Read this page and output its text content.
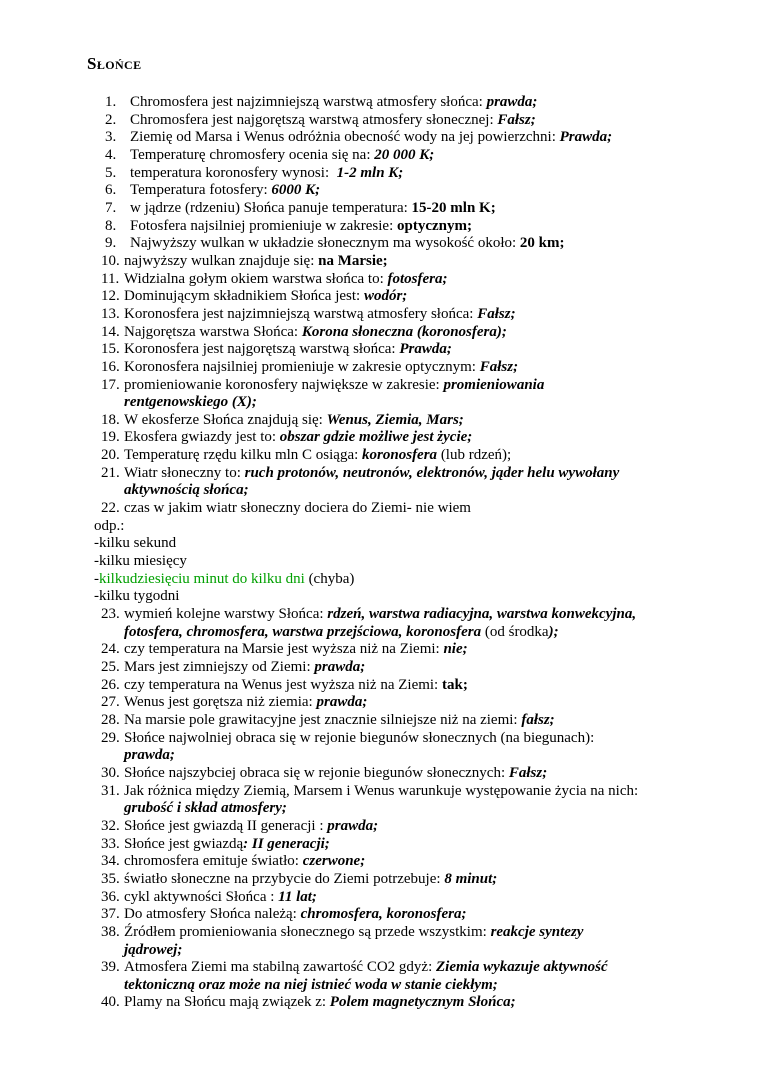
Słońce
1. Chromosfera jest najzimniejszą warstwą atmosfery słońca: prawda;
2. Chromosfera jest najgorętszą warstwą atmosfery słonecznej: Fałsz;
3. Ziemię od Marsa i Wenus odróżnia obecność wody na jej powierzchni: Prawda;
4. Temperaturę chromosfery ocenia się na: 20 000 K;
5. temperatura koronosfery wynosi:  1-2 mln K;
6. Temperatura fotosfery: 6000 K;
7. w jądrze (rdzeniu) Słońca panuje temperatura: 15-20 mln K;
8. Fotosfera najsilniej promieniuje w zakresie: optycznym;
9. Najwyższy wulkan w układzie słonecznym ma wysokość około: 20 km;
10. najwyższy wulkan znajduje się: na Marsie;
11. Widzialna gołym okiem warstwa słońca to: fotosfera;
12. Dominującym składnikiem Słońca jest: wodór;
13. Koronosfera jest najzimniejszą warstwą atmosfery słońca: Fałsz;
14. Najgorętsza warstwa Słońca: Korona słoneczna (koronosfera);
15. Koronosfera jest najgorętszą warstwą słońca: Prawda;
16. Koronosfera najsilniej promieniuje w zakresie optycznym: Fałsz;
17. promieniowanie koronosfery największe w zakresie: promieniowania
rentgenowskiego (X);
18. W ekosferze Słońca znajdują się: Wenus, Ziemia, Mars;
19. Ekosfera gwiazdy jest to: obszar gdzie możliwe jest życie;
20. Temperaturę rzędu kilku mln C osiąga: koronosfera (lub rdzeń);
21. Wiatr słoneczny to: ruch protonów, neutronów, elektronów, jąder helu wywołany
aktywnością słońca;
22. czas w jakim wiatr słoneczny dociera do Ziemi- nie wiem
odp.:
-kilku sekund
-kilku miesięcy
-kilkudziesięciu minut do kilku dni (chyba)
-kilku tygodni
23. wymień kolejne warstwy Słońca: rdzeń, warstwa radiacyjna, warstwa konwekcyjna,
fotosfera, chromosfera, warstwa przejściowa, koronosfera (od środka);
24. czy temperatura na Marsie jest wyższa niż na Ziemi: nie;
25. Mars jest zimniejszy od Ziemi: prawda;
26. czy temperatura na Wenus jest wyższa niż na Ziemi: tak;
27. Wenus jest gorętsza niż ziemia: prawda;
28. Na marsie pole grawitacyjne jest znacznie silniejsze niż na ziemi: fałsz;
29. Słońce najwolniej obraca się w rejonie biegunów słonecznych (na biegunach):
prawda;
30. Słońce najszybciej obraca się w rejonie biegunów słonecznych: Fałsz;
31. Jak różnica między Ziemią, Marsem i Wenus warunkuje występowanie życia na nich:
grubość i skład atmosfery;
32. Słońce jest gwiazdą II generacji : prawda;
33. Słońce jest gwiazdą: II generacji;
34. chromosfera emituje światło: czerwone;
35. światło słoneczne na przybycie do Ziemi potrzebuje: 8 minut;
36. cykl aktywności Słońca : 11 lat;
37. Do atmosfery Słońca należą: chromosfera, koronosfera;
38. Źródłem promieniowania słonecznego są przede wszystkim: reakcje syntezy
jądrowej;
39. Atmosfera Ziemi ma stabilną zawartość CO2 gdyż: Ziemia wykazuje aktywność
tektoniczną oraz może na niej istnieć woda w stanie ciekłym;
40. Plamy na Słońcu mają związek z: Polem magnetycznym Słońca;
